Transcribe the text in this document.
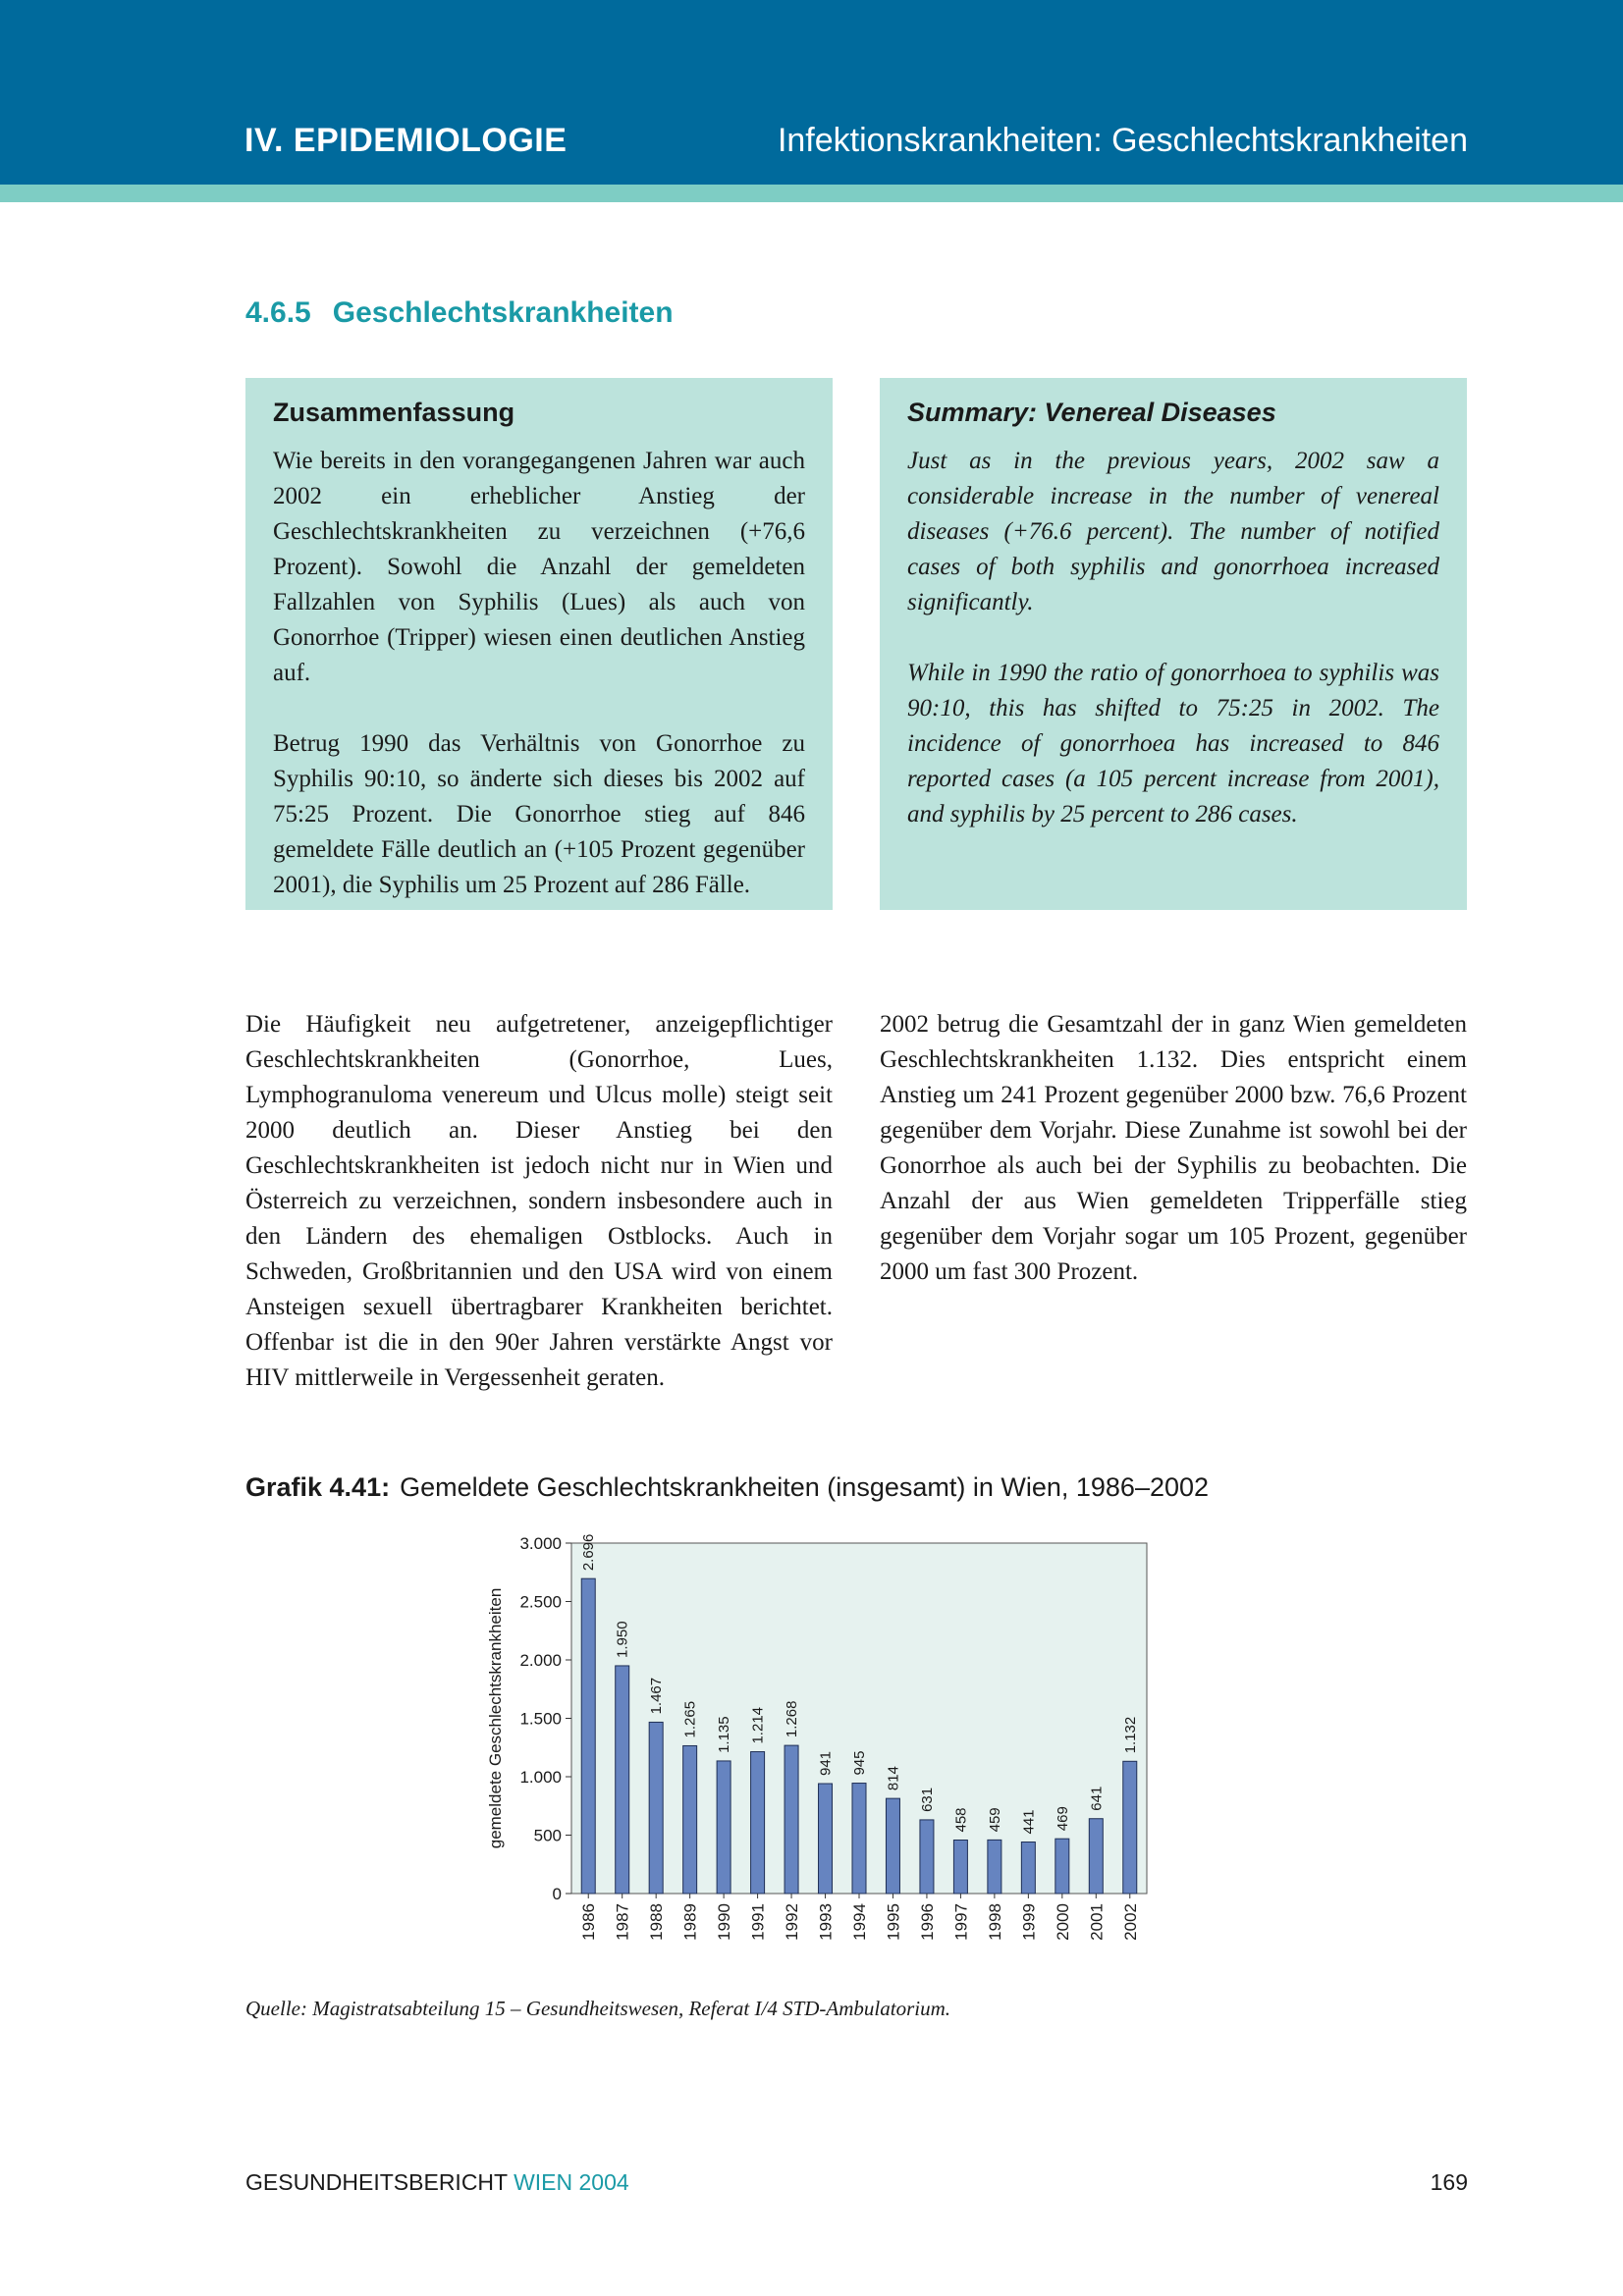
IV. EPIDEMIOLOGIE	Infektionskrankheiten: Geschlechtskrankheiten
4.6.5 Geschlechtskrankheiten
Zusammenfassung

Wie bereits in den vorangegangenen Jahren war auch 2002 ein erheblicher Anstieg der Geschlechtskrankheiten zu verzeichnen (+76,6 Prozent). Sowohl die Anzahl der gemeldeten Fallzahlen von Syphilis (Lues) als auch von Gonorrhoe (Tripper) wiesen einen deutlichen Anstieg auf.

Betrug 1990 das Verhältnis von Gonorrhoe zu Syphilis 90:10, so änderte sich dieses bis 2002 auf 75:25 Prozent. Die Gonorrhoe stieg auf 846 gemeldete Fälle deutlich an (+105 Prozent gegenüber 2001), die Syphilis um 25 Prozent auf 286 Fälle.

Summary: Venereal Diseases

Just as in the previous years, 2002 saw a considerable increase in the number of venereal diseases (+76.6 percent). The number of notified cases of both syphilis and gonorrhoea increased significantly.

While in 1990 the ratio of gonorrhoea to syphilis was 90:10, this has shifted to 75:25 in 2002. The incidence of gonorrhoea has increased to 846 reported cases (a 105 percent increase from 2001), and syphilis by 25 percent to 286 cases.

Die Häufigkeit neu aufgetretener, anzeigepflichtiger Geschlechtskrankheiten (Gonorrhoe, Lues, Lymphogranuloma venereum und Ulcus molle) steigt seit 2000 deutlich an. Dieser Anstieg bei den Geschlechtskrankheiten ist jedoch nicht nur in Wien und Österreich zu verzeichnen, sondern insbesondere auch in den Ländern des ehemaligen Ostblocks. Auch in Schweden, Großbritannien und den USA wird von einem Ansteigen sexuell übertragbarer Krankheiten berichtet. Offenbar ist die in den 90er Jahren verstärkte Angst vor HIV mittlerweile in Vergessenheit geraten.

2002 betrug die Gesamtzahl der in ganz Wien gemeldeten Geschlechtskrankheiten 1.132. Dies entspricht einem Anstieg um 241 Prozent gegenüber 2000 bzw. 76,6 Prozent gegenüber dem Vorjahr. Diese Zunahme ist sowohl bei der Gonorrhoe als auch bei der Syphilis zu beobachten. Die Anzahl der aus Wien gemeldeten Tripperfälle stieg gegenüber dem Vorjahr sogar um 105 Prozent, gegenüber 2000 um fast 300 Prozent.

Grafik 4.41: Gemeldete Geschlechtskrankheiten (insgesamt) in Wien, 1986–2002
0
500
1.000
1.500
2.000
2.500
3.000 2.696
1.950
1.467
1.265 1.135 1.214 1.268
941 945
814
631
458 459 441 469
641
1.132
1986 1987 1988 1989 1990 1991 1992 1993 1994 1995 1996 1997 1998 1999 2000 2001 2002
gemeldete Geschlechtskrankheiten
Quelle: Magistratsabteilung 15 – Gesundheitswesen, Referat I/4 STD-Ambulatorium.
GESUNDHEITSBERICHT WIEN 2004	169
